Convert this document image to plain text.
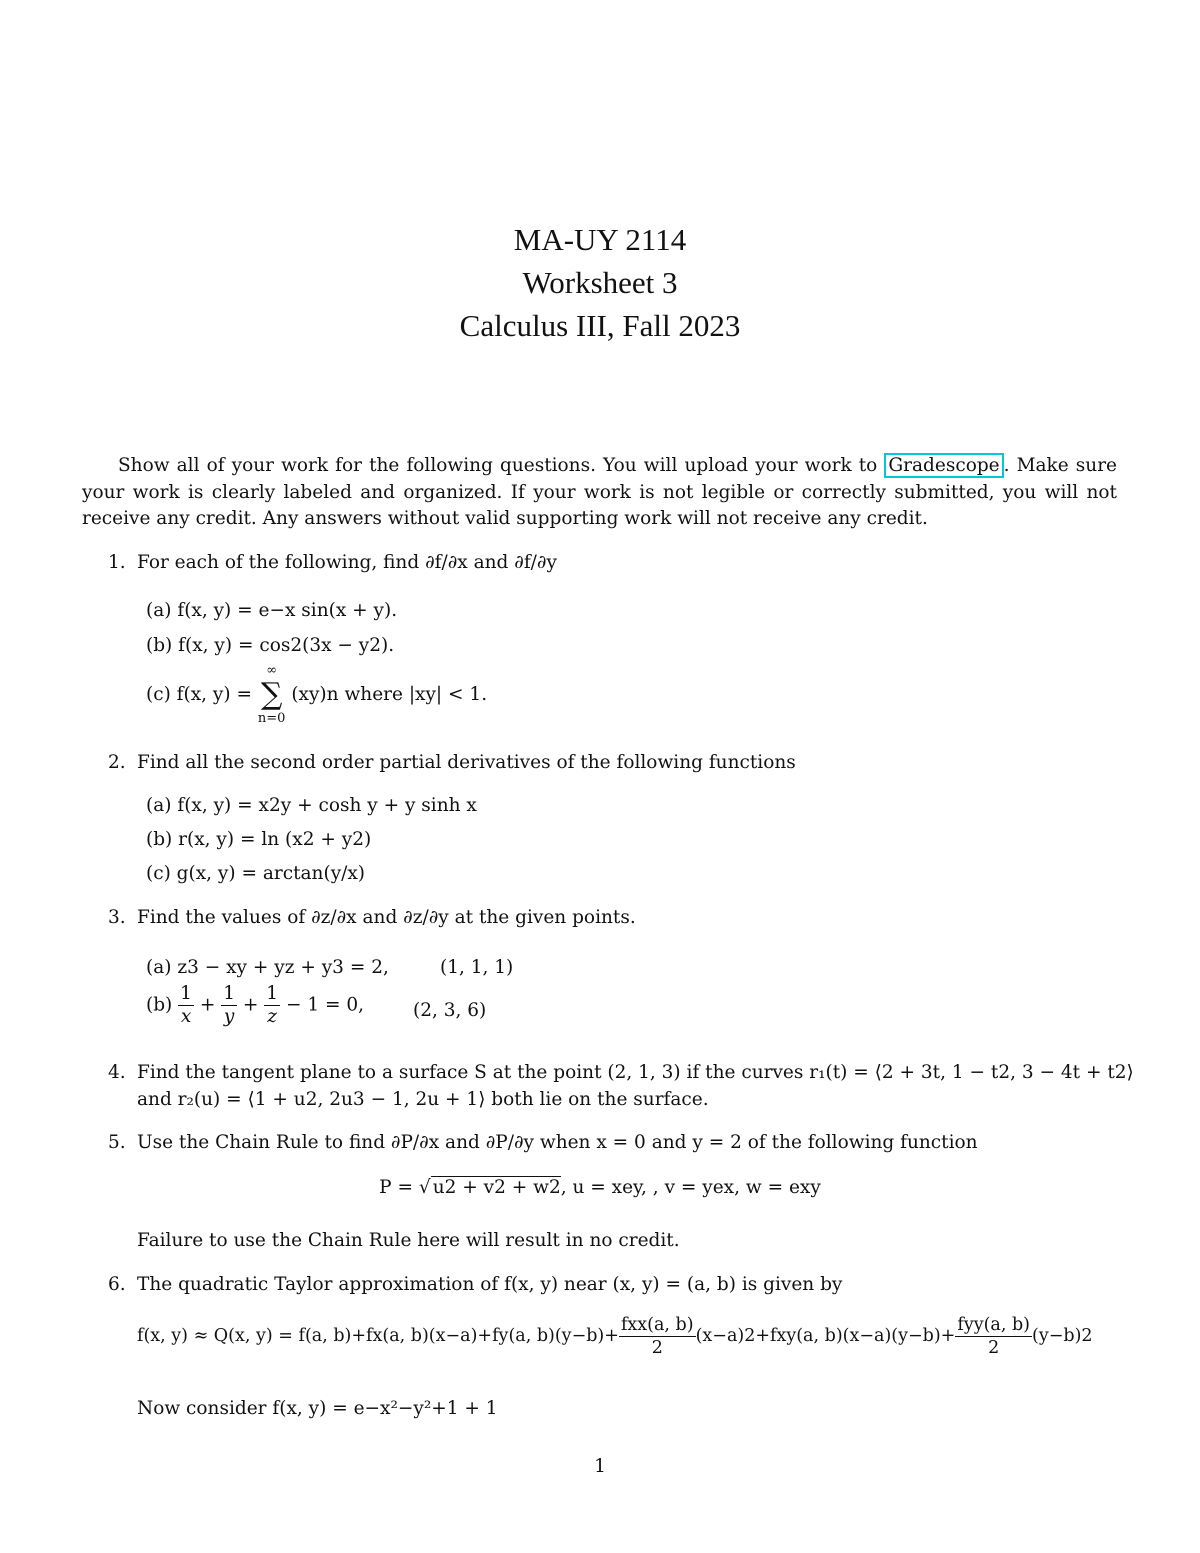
MA-UY 2114
Worksheet 3
Calculus III, Fall 2023
Show all of your work for the following questions. You will upload your work to Gradescope . Make sure your work is clearly labeled and organized. If your work is not legible or correctly submitted, you will not receive any credit. Any answers without valid supporting work will not receive any credit.
1. For each of the following, find ∂f/∂x and ∂f/∂y
(a) f(x, y) = e−x sin(x + y).
(b) f(x, y) = cos2(3x − y2).
(c) f(x, y) =
∞
∑
n=0
(xy)n where |xy| < 1.
2. Find all the second order partial derivatives of the following functions
(a) f(x, y) = x2y + cosh y + y sinh x
(b) r(x, y) = ln (x2 + y2)
(c) g(x, y) = arctan(y/x)
3. Find the values of ∂z/∂x and ∂z/∂y at the given points.
(a) z3 − xy + yz + y3 = 2,	(1, 1, 1)
$(b) \frac{1}{x} + \frac{1}{y} + \frac{1}{z} - 1 = 0$,	(2, 3, 6)
4. Find the tangent plane to a surface S at the point (2, 1, 3) if the curves r₁(t) = ⟨2 + 3t, 1 − t2, 3 − 4t + t2⟩
and r₂(u) = ⟨1 + u2, 2u3 − 1, 2u + 1⟩ both lie on the surface.
5. Use the Chain Rule to find ∂P/∂x and ∂P/∂y when x = 0 and y = 2 of the following function
P = √ u2 + v2 + w2, u = xey, , v = yex, w = exy
Failure to use the Chain Rule here will result in no credit.
6. The quadratic Taylor approximation of f(x, y) near (x, y) = (a, b) is given by
f(x, y) ≈ Q(x, y) = f(a, b)+fx(a, b)(x−a)+fy(a, $b)(y-b)+ \frac{\text{fxx(a, b)}}{2} (x-a)2+fxy(a$, $b)(x-a)(y-b)+ \frac{\text{fyy(a, b)}}{2} (y-b)2$
Now consider f(x, y) = e−x²−y²+1 + 1
1
